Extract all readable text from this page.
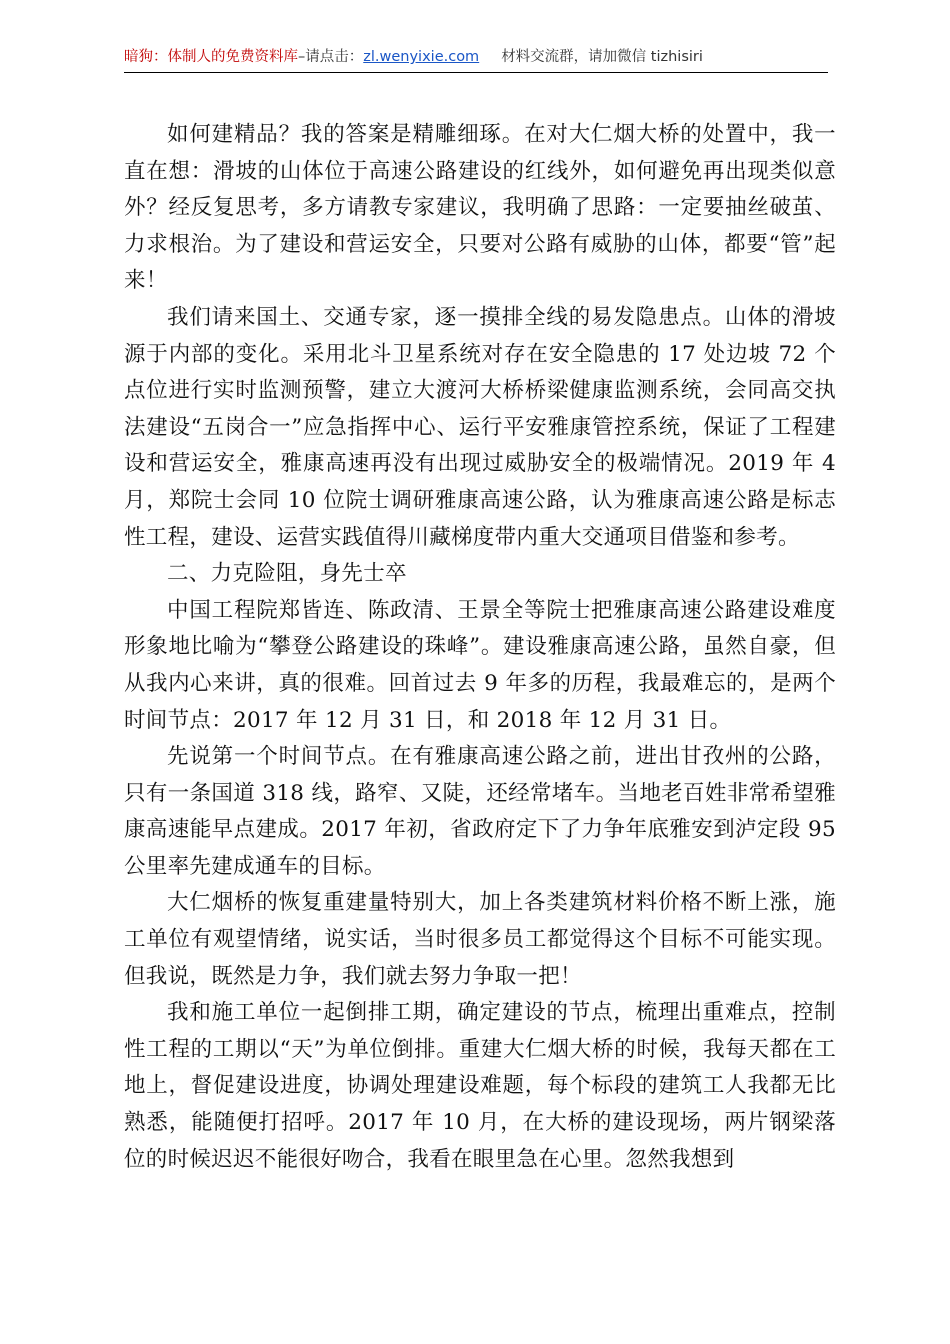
暗狗：体制人的免费资料库–请点击：zl.wenyixie.com 材料交流群，请加微信 tizhisiri

如何建精品？我的答案是精雕细琢。在对大仁烟大桥的处置中，我一直在想：滑坡的山体位于高速公路建设的红线外，如何避免再出现类似意外？经反复思考，多方请教专家建议，我明确了思路：一定要抽丝破茧、力求根治。为了建设和营运安全，只要对公路有威胁的山体，都要“管”起来！

我们请来国土、交通专家，逐一摸排全线的易发隐患点。山体的滑坡源于内部的变化。采用北斗卫星系统对存在安全隐患的 17 处边坡 72 个点位进行实时监测预警，建立大渡河大桥桥梁健康监测系统，会同高交执法建设“五岗合一”应急指挥中心、运行平安雅康管控系统，保证了工程建设和营运安全，雅康高速再没有出现过威胁安全的极端情况。2019 年 4 月，郑院士会同 10 位院士调研雅康高速公路，认为雅康高速公路是标志性工程，建设、运营实践值得川藏梯度带内重大交通项目借鉴和参考。

二、力克险阻，身先士卒

中国工程院郑皆连、陈政清、王景全等院士把雅康高速公路建设难度形象地比喻为“攀登公路建设的珠峰”。建设雅康高速公路，虽然自豪，但从我内心来讲，真的很难。回首过去 9 年多的历程，我最难忘的，是两个时间节点：2017 年 12 月 31 日，和 2018 年 12 月 31 日。

先说第一个时间节点。在有雅康高速公路之前，进出甘孜州的公路，只有一条国道 318 线，路窄、又陡，还经常堵车。当地老百姓非常希望雅康高速能早点建成。2017 年初，省政府定下了力争年底雅安到泸定段 95 公里率先建成通车的目标。

大仁烟桥的恢复重建量特别大，加上各类建筑材料价格不断上涨，施工单位有观望情绪，说实话，当时很多员工都觉得这个目标不可能实现。但我说，既然是力争，我们就去努力争取一把！

我和施工单位一起倒排工期，确定建设的节点，梳理出重难点，控制性工程的工期以“天”为单位倒排。重建大仁烟大桥的时候，我每天都在工地上，督促建设进度，协调处理建设难题，每个标段的建筑工人我都无比熟悉，能随便打招呼。2017 年 10 月，在大桥的建设现场，两片钢梁落位的时候迟迟不能很好吻合，我看在眼里急在心里。忽然我想到
